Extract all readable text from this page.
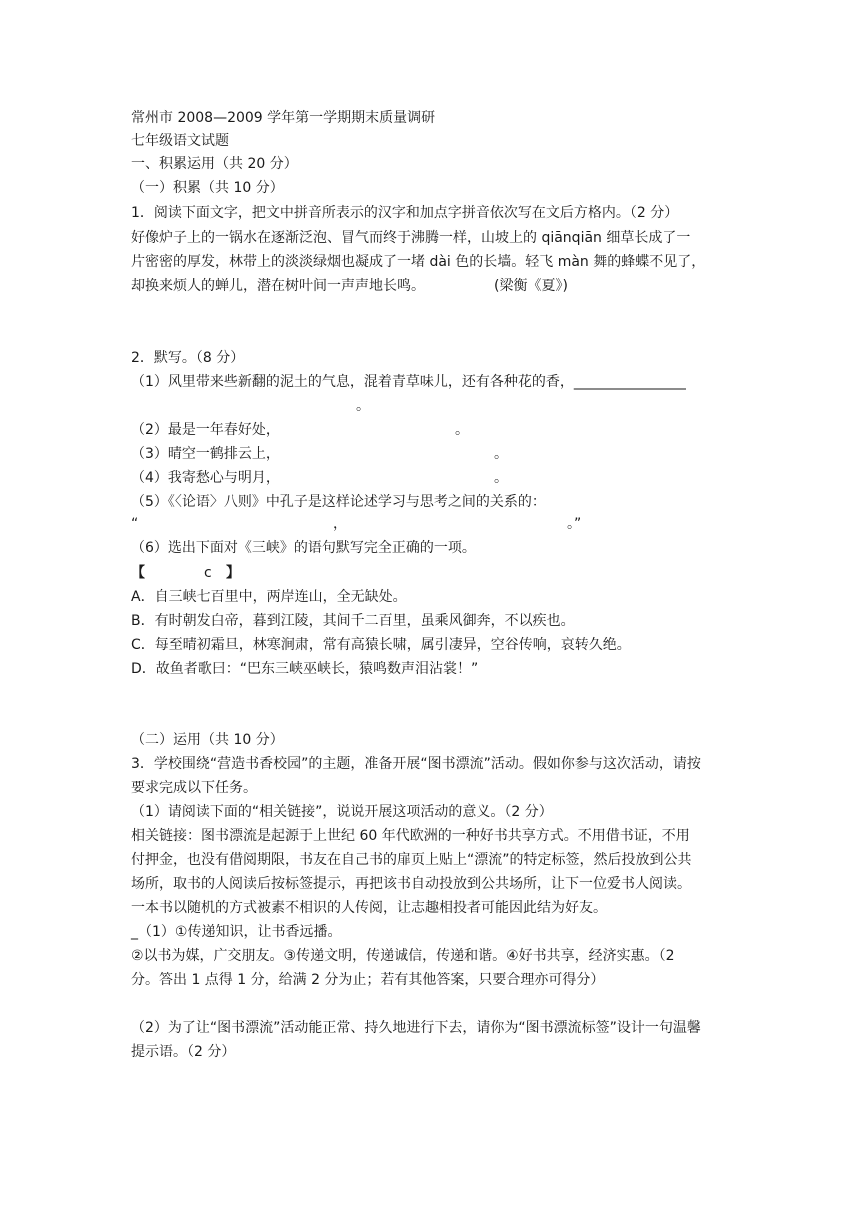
常州市 2008—2009 学年第一学期期末质量调研
七年级语文试题
一、积累运用（共 20 分）
（一）积累（共 10 分）
1．阅读下面文字，把文中拼音所表示的汉字和加点字拼音依次写在文后方格内。（2 分）
好像炉子上的一锅水在逐渐泛泡、冒气而终于沸腾一样，山坡上的 qiānqiān 细草长成了一
片密密的厚发，林带上的淡淡绿烟也凝成了一堵 dài 色的长墙。轻飞 màn 舞的蜂蝶不见了，
却换来烦人的蝉儿，潜在树叶间一声声地长鸣。	(梁衡《夏》)
2．默写。（8 分）
（1）风里带来些新翻的泥土的气息，混着青草味儿，还有各种花的香，________________
。
（2）最是一年春好处，	。
（3）晴空一鹤排云上，	。
（4）我寄愁心与明月，	。
（5）《〈论语〉八则》中孔子是这样论述学习与思考之间的关系的：
“	，	。”
（6）选出下面对《三峡》的语句默写完全正确的一项。
【	c 】
A．自三峡七百里中，两岸连山，全无缺处。
B．有时朝发白帝，暮到江陵，其间千二百里，虽乘风御奔，不以疾也。
C．每至晴初霜旦，林寒涧肃，常有高猿长啸，属引凄异，空谷传响，哀转久绝。
D．故鱼者歌曰：“巴东三峡巫峡长，猿鸣数声泪沾裳！”
（二）运用（共 10 分）
3．学校围绕“营造书香校园”的主题，准备开展“图书漂流”活动。假如你参与这次活动，请按
要求完成以下任务。
（1）请阅读下面的“相关链接”，说说开展这项活动的意义。（2 分）
相关链接：图书漂流是起源于上世纪 60 年代欧洲的一种好书共享方式。不用借书证，不用
付押金，也没有借阅期限，书友在自己书的扉页上贴上“漂流”的特定标签，然后投放到公共
场所，取书的人阅读后按标签提示，再把该书自动投放到公共场所，让下一位爱书人阅读。
一本书以随机的方式被素不相识的人传阅，让志趣相投者可能因此结为好友。
_（1）①传递知识，让书香远播。
②以书为媒，广交朋友。③传递文明，传递诚信，传递和谐。④好书共享，经济实惠。（2
分。答出 1 点得 1 分，给满 2 分为止；若有其他答案，只要合理亦可得分）
（2）为了让“图书漂流”活动能正常、持久地进行下去，请你为“图书漂流标签”设计一句温馨
提示语。（2 分）
